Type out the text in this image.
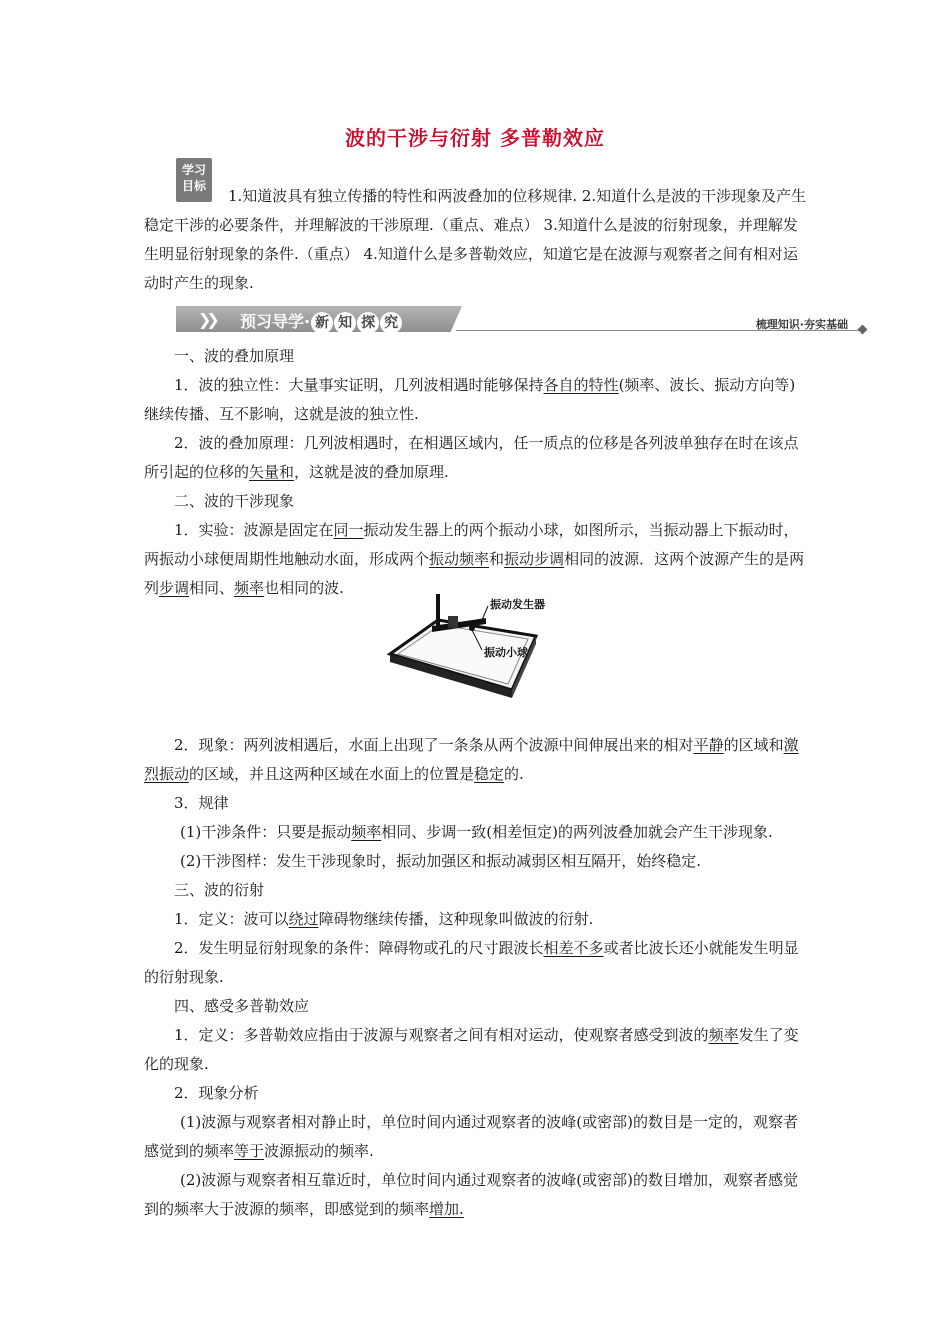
波的干涉与衍射 多普勒效应
学习
目标
1.知道波具有独立传播的特性和两波叠加的位移规律. 2.知道什么是波的干涉现象及产生稳定干涉的必要条件，并理解波的干涉原理.（重点、难点） 3.知道什么是波的衍射现象，并理解发生明显衍射现象的条件.（重点） 4.知道什么是多普勒效应，知道它是在波源与观察者之间有相对运动时产生的现象.
❯❯ 预习导学· 新 知 探 究	梳理知识·夯实基础

一、波的叠加原理

1．波的独立性：大量事实证明，几列波相遇时能够保持各自的特性(频率、波长、振动方向等)继续传播、互不影响，这就是波的独立性.

2．波的叠加原理：几列波相遇时，在相遇区域内，任一质点的位移是各列波单独存在时在该点所引起的位移的矢量和，这就是波的叠加原理.

二、波的干涉现象

1．实验：波源是固定在同一振动发生器上的两个振动小球，如图所示，当振动器上下振动时，两振动小球便周期性地触动水面，形成两个振动频率和振动步调相同的波源．这两个波源产生的是两列步调相同、频率也相同的波.

2．现象：两列波相遇后，水面上出现了一条条从两个波源中间伸展出来的相对平静的区域和激烈振动的区域，并且这两种区域在水面上的位置是稳定的.

3．规律

(1)干涉条件：只要是振动频率相同、步调一致(相差恒定)的两列波叠加就会产生干涉现象.

(2)干涉图样：发生干涉现象时，振动加强区和振动减弱区相互隔开，始终稳定.

三、波的衍射

1．定义：波可以绕过障碍物继续传播，这种现象叫做波的衍射.

2．发生明显衍射现象的条件：障碍物或孔的尺寸跟波长相差不多或者比波长还小就能发生明显的衍射现象.

四、感受多普勒效应

1．定义：多普勒效应指由于波源与观察者之间有相对运动，使观察者感受到波的频率发生了变化的现象.

2．现象分析

(1)波源与观察者相对静止时，单位时间内通过观察者的波峰(或密部)的数目是一定的，观察者感觉到的频率等于波源振动的频率.

(2)波源与观察者相互靠近时，单位时间内通过观察者的波峰(或密部)的数目增加，观察者感觉到的频率大于波源的频率，即感觉到的频率增加.

振动发生器
振动小球
